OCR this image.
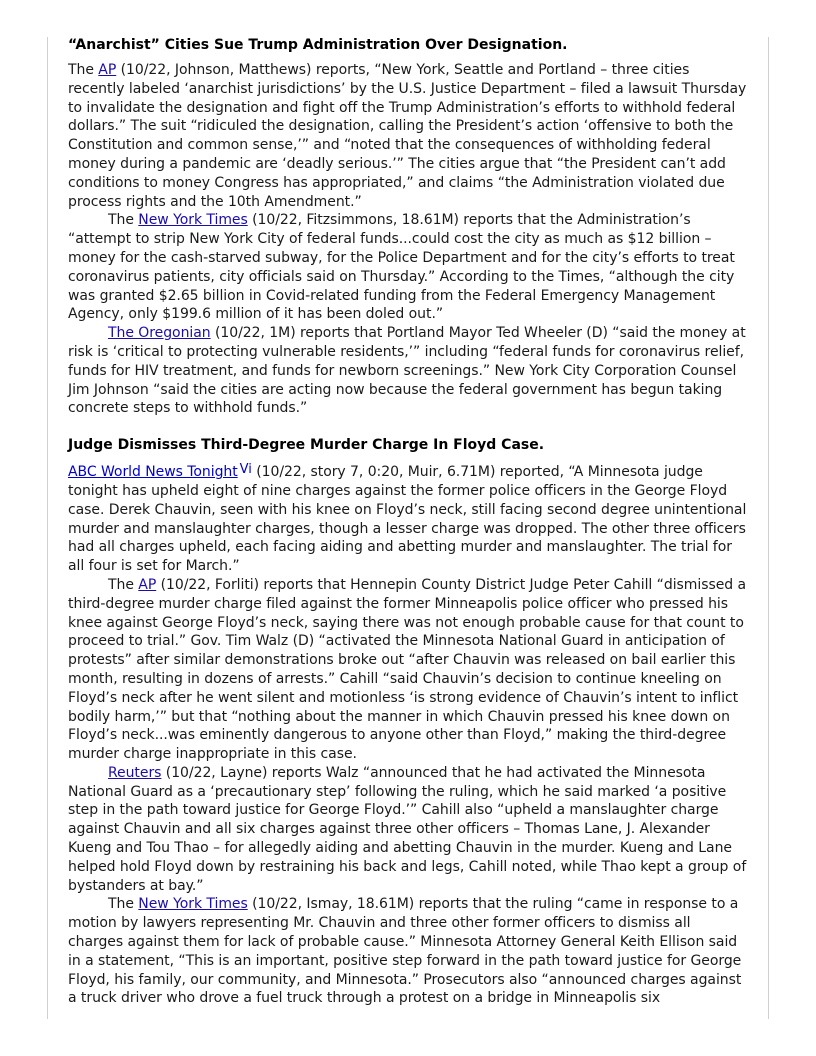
“Anarchist” Cities Sue Trump Administration Over Designation.

The AP (10/22, Johnson, Matthews) reports, “New York, Seattle and Portland – three cities recently labeled ‘anarchist jurisdictions’ by the U.S. Justice Department – filed a lawsuit Thursday to invalidate the designation and fight off the Trump Administration’s efforts to withhold federal dollars.” The suit “ridiculed the designation, calling the President’s action ‘offensive to both the Constitution and common sense,’” and “noted that the consequences of withholding federal money during a pandemic are ‘deadly serious.’” The cities argue that “the President can’t add conditions to money Congress has appropriated,” and claims “the Administration violated due process rights and the 10th Amendment.”

The New York Times (10/22, Fitzsimmons, 18.61M) reports that the Administration’s “attempt to strip New York City of federal funds...could cost the city as much as $12 billion – money for the cash-starved subway, for the Police Department and for the city’s efforts to treat coronavirus patients, city officials said on Thursday.” According to the Times, “although the city was granted $2.65 billion in Covid-related funding from the Federal Emergency Management Agency, only $199.6 million of it has been doled out.”

The Oregonian (10/22, 1M) reports that Portland Mayor Ted Wheeler (D) “said the money at risk is ‘critical to protecting vulnerable residents,’” including “federal funds for coronavirus relief, funds for HIV treatment, and funds for newborn screenings.” New York City Corporation Counsel Jim Johnson “said the cities are acting now because the federal government has begun taking concrete steps to withhold funds.”

Judge Dismisses Third-Degree Murder Charge In Floyd Case.

ABC World News Tonight Vi (10/22, story 7, 0:20, Muir, 6.71M) reported, “A Minnesota judge tonight has upheld eight of nine charges against the former police officers in the George Floyd case. Derek Chauvin, seen with his knee on Floyd’s neck, still facing second degree unintentional murder and manslaughter charges, though a lesser charge was dropped. The other three officers had all charges upheld, each facing aiding and abetting murder and manslaughter. The trial for all four is set for March.”

The AP (10/22, Forliti) reports that Hennepin County District Judge Peter Cahill “dismissed a third-degree murder charge filed against the former Minneapolis police officer who pressed his knee against George Floyd’s neck, saying there was not enough probable cause for that count to proceed to trial.” Gov. Tim Walz (D) “activated the Minnesota National Guard in anticipation of protests” after similar demonstrations broke out “after Chauvin was released on bail earlier this month, resulting in dozens of arrests.” Cahill “said Chauvin’s decision to continue kneeling on Floyd’s neck after he went silent and motionless ‘is strong evidence of Chauvin’s intent to inflict bodily harm,’” but that “nothing about the manner in which Chauvin pressed his knee down on Floyd’s neck...was eminently dangerous to anyone other than Floyd,” making the third-degree murder charge inappropriate in this case.

Reuters (10/22, Layne) reports Walz “announced that he had activated the Minnesota National Guard as a ‘precautionary step’ following the ruling, which he said marked ‘a positive step in the path toward justice for George Floyd.’” Cahill also “upheld a manslaughter charge against Chauvin and all six charges against three other officers – Thomas Lane, J. Alexander Kueng and Tou Thao – for allegedly aiding and abetting Chauvin in the murder. Kueng and Lane helped hold Floyd down by restraining his back and legs, Cahill noted, while Thao kept a group of bystanders at bay.”

The New York Times (10/22, Ismay, 18.61M) reports that the ruling “came in response to a motion by lawyers representing Mr. Chauvin and three other former officers to dismiss all charges against them for lack of probable cause.” Minnesota Attorney General Keith Ellison said in a statement, “This is an important, positive step forward in the path toward justice for George Floyd, his family, our community, and Minnesota.” Prosecutors also “announced charges against a truck driver who drove a fuel truck through a protest on a bridge in Minneapolis six
